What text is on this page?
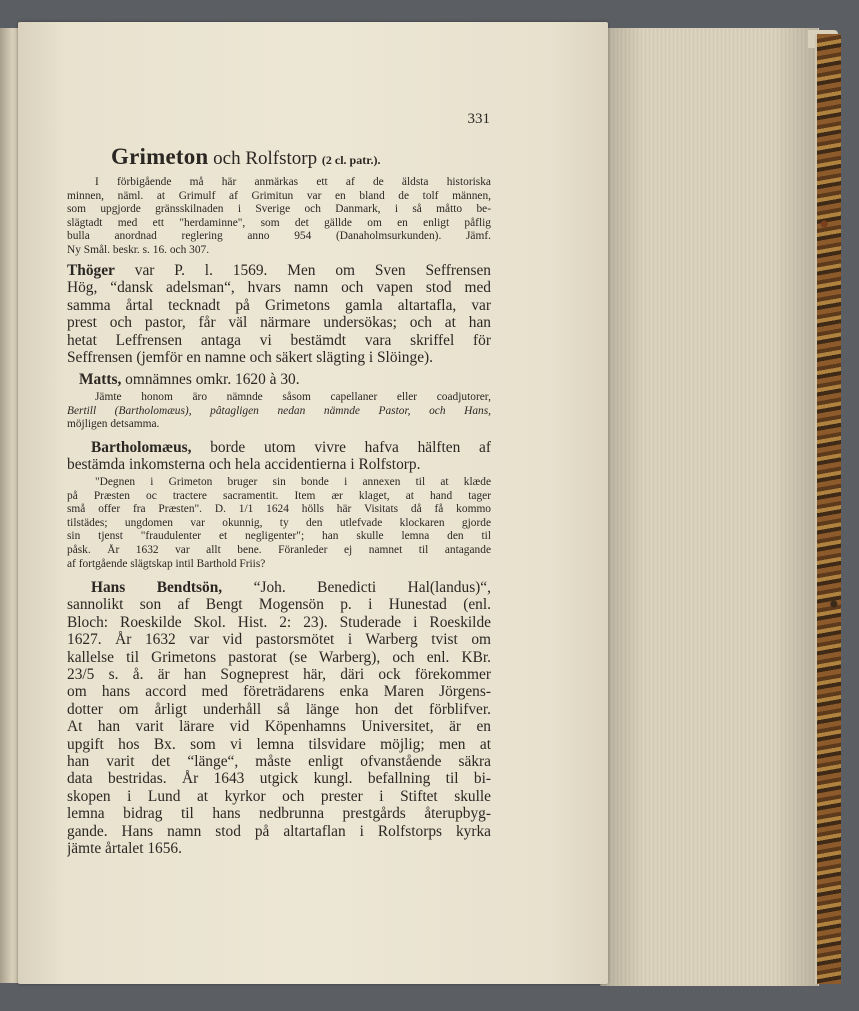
331
Grimeton och Rolfstorp (2 cl. patr.).
I förbigående må här anmärkas ett af de äldsta historiska
minnen, näml. at Grimulf af Grimitun var en bland de tolf männen,
som upgjorde gränsskilnaden i Sverige och Danmark, i så måtto be-
slägtadt med ett "herdaminne", som det gällde om en enligt påflig
bulla anordnad reglering anno 954 (Danaholmsurkunden). Jämf.
Ny Smål. beskr. s. 16. och 307.
Thöger var P. l. 1569. Men om Sven Seffrensen
Hög, “dansk adelsman“, hvars namn och vapen stod med
samma årtal tecknadt på Grimetons gamla altartafla, var
prest och pastor, får väl närmare undersökas; och at han
hetat Leffrensen antaga vi bestämdt vara skriffel för
Seffrensen (jemför en namne och säkert slägting i Slöinge).
Matts, omnämnes omkr. 1620 à 30.
Jämte honom äro nämnde såsom capellaner eller coadjutorer,
Bertill (Bartholomæus), pâtagligen nedan nämnde Pastor, och Hans,
möjligen detsamma.
Bartholomæus, borde utom vivre hafva hälften af
bestämda inkomsterna och hela accidentierna i Rolfstorp.
"Degnen i Grimeton bruger sin bonde i annexen til at klæde
på Præsten oc tractere sacramentit. Item ær klaget, at hand tager
små offer fra Præsten". D. 1/1 1624 hölls här Visitats då få kommo
tilstädes; ungdomen var okunnig, ty den utlefvade klockaren gjorde
sin tjenst "fraudulenter et negligenter"; han skulle lemna den til
påsk. År 1632 var allt bene. Föranleder ej namnet til antagande
af fortgående slägtskap intil Barthold Friis?
Hans Bendtsön, “Joh. Benedicti Hal(landus)“,
sannolikt son af Bengt Mogensön p. i Hunestad (enl.
Bloch: Roeskilde Skol. Hist. 2: 23). Studerade i Roeskilde
1627. År 1632 var vid pastorsmötet i Warberg tvist om
kallelse til Grimetons pastorat (se Warberg), och enl. KBr.
23/5 s. å. är han Sogneprest här, däri ock förekommer
om hans accord med företrädarens enka Maren Jörgens-
dotter om årligt underhåll så länge hon det förblifver.
At han varit lärare vid Köpenhamns Universitet, är en
upgift hos Bx. som vi lemna tilsvidare möjlig; men at
han varit det “länge“, måste enligt ofvanstående säkra
data bestridas. År 1643 utgick kungl. befallning til bi-
skopen i Lund at kyrkor och prester i Stiftet skulle
lemna bidrag til hans nedbrunna prestgårds återupbyg-
gande. Hans namn stod på altartaflan i Rolfstorps kyrka
jämte årtalet 1656.
